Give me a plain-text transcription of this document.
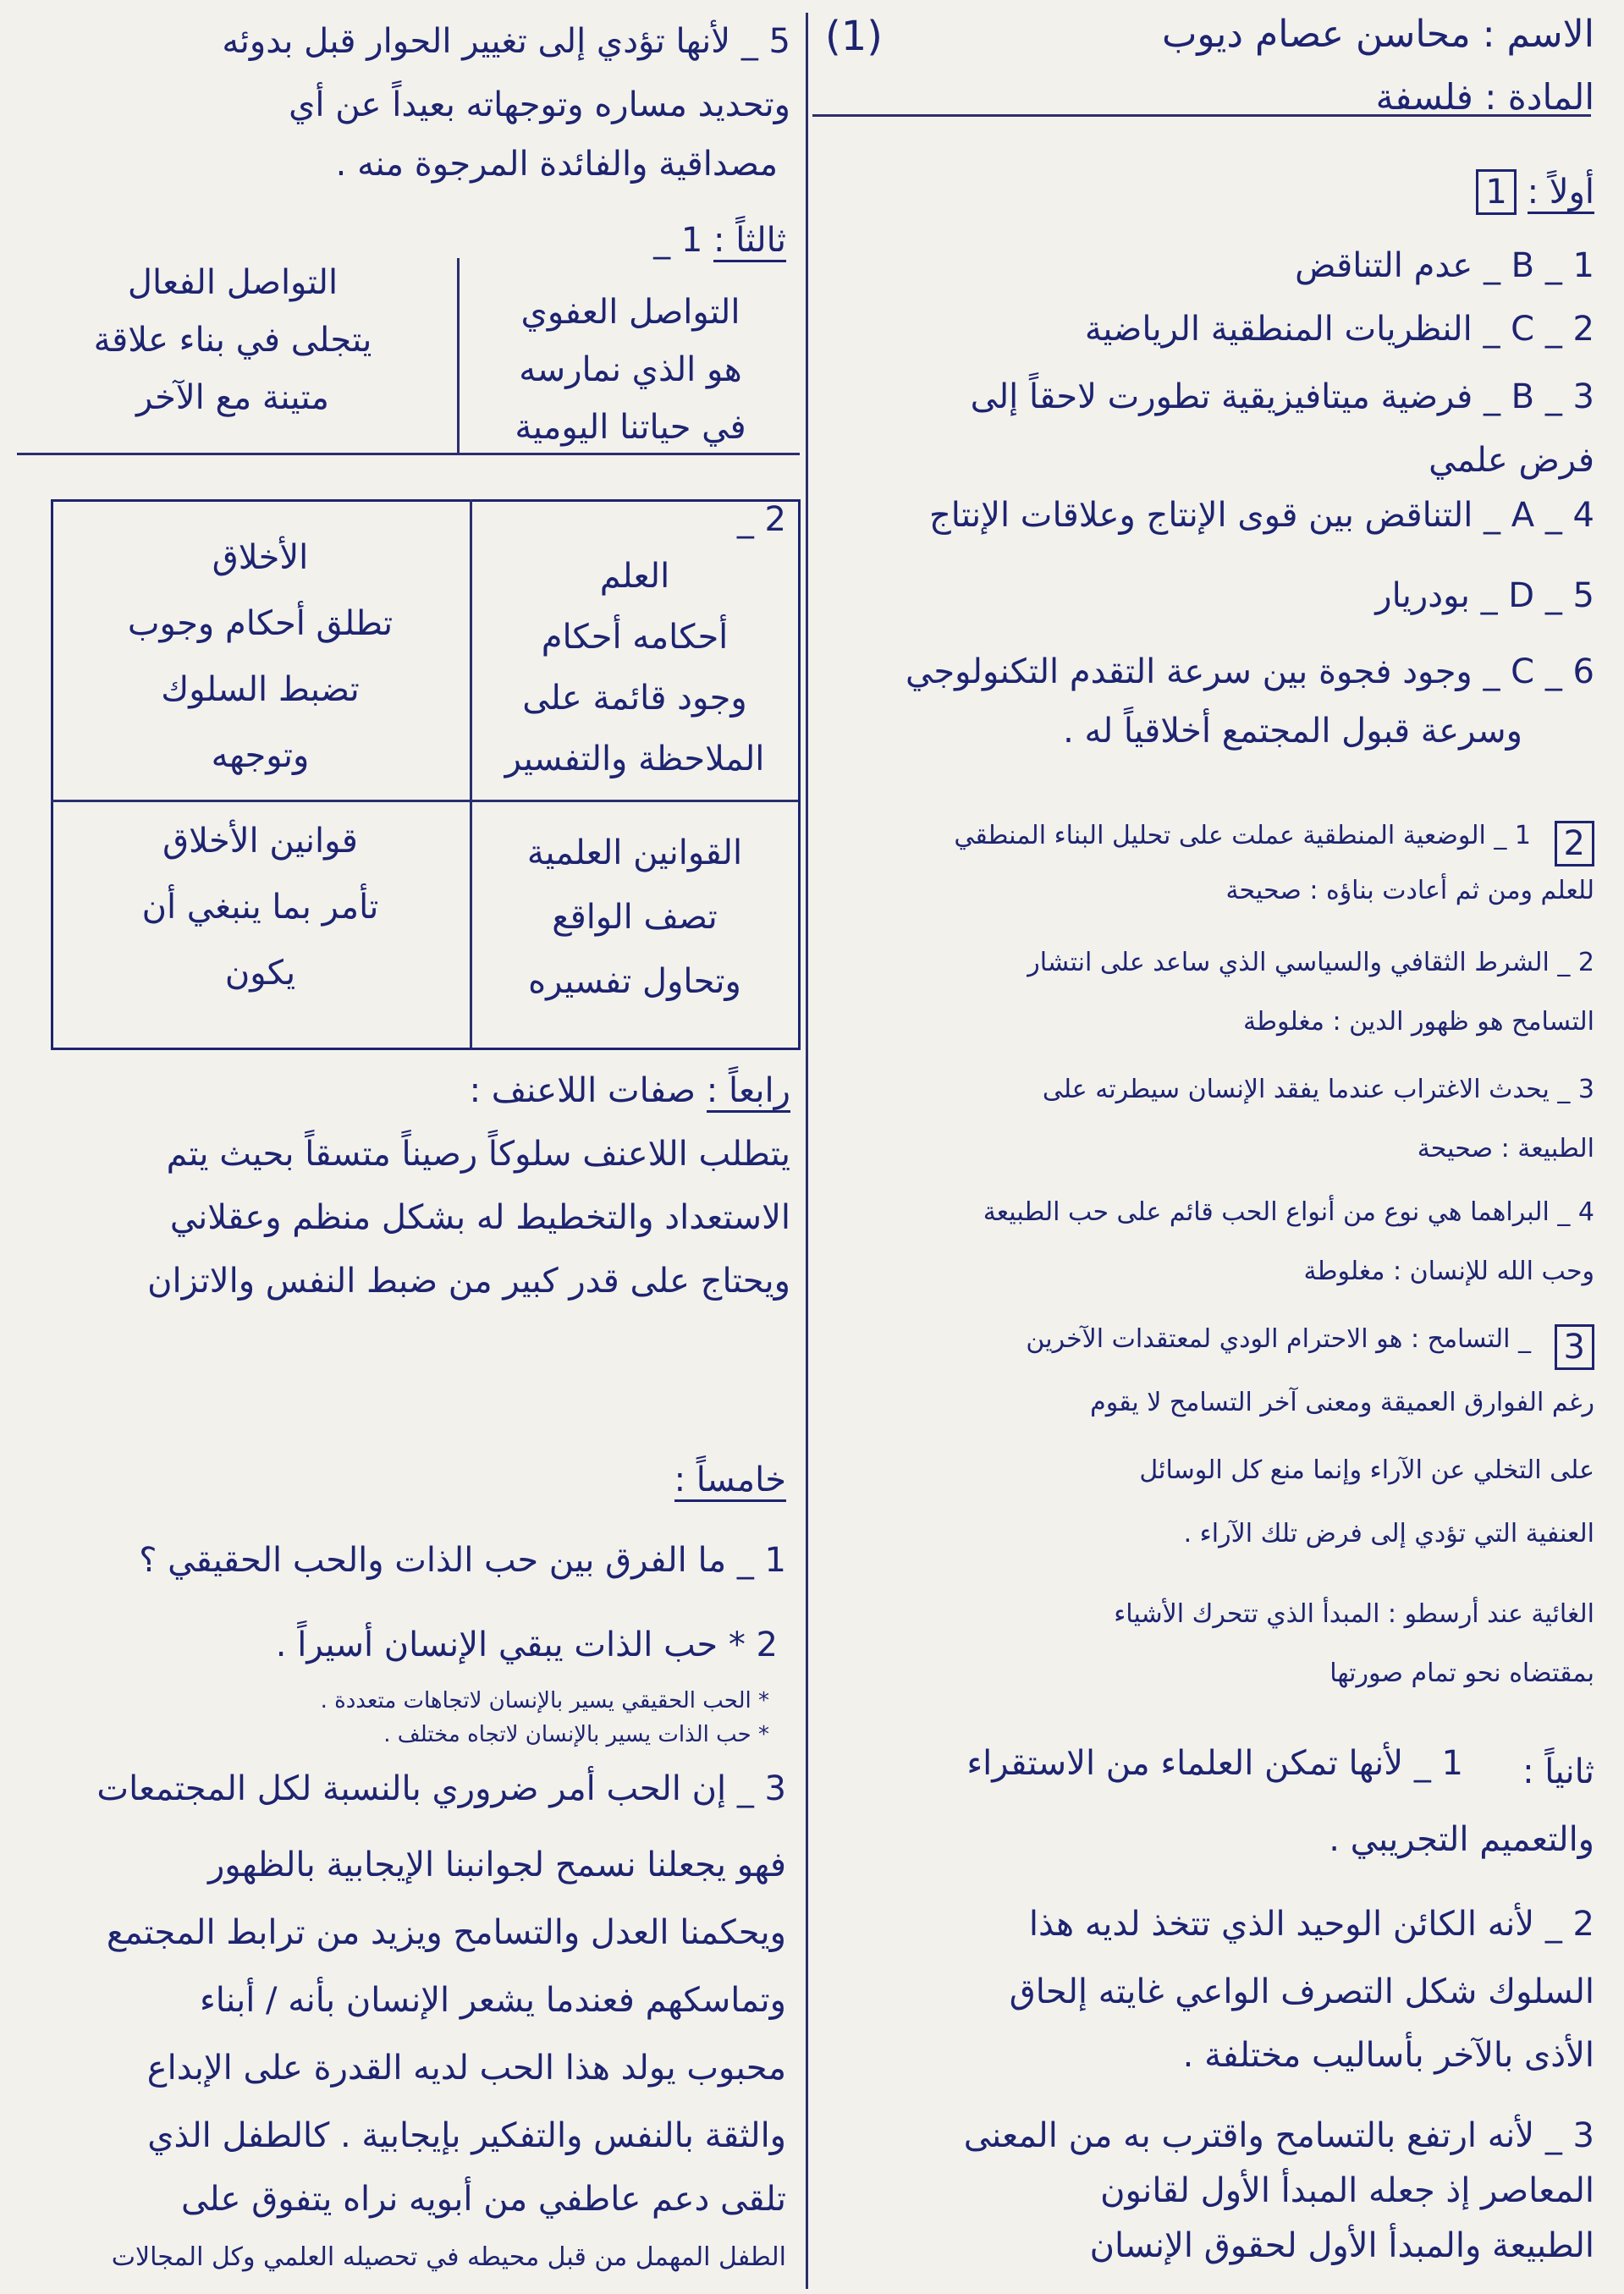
(1)	الاسم : محاسن عصام ديوب
المادة : فلسفة
أولاً : 1
1 _ B _ عدم التناقض
2 _ C _ النظريات المنطقية الرياضية
3 _ B _ فرضية ميتافيزيقية تطورت لاحقاً إلى
فرض علمي
4 _ A _ التناقض بين قوى الإنتاج وعلاقات الإنتاج
5 _ D _ بودريار
6 _ C _ وجود فجوة بين سرعة التقدم التكنولوجي
وسرعة قبول المجتمع أخلاقياً له .
2
1 _ الوضعية المنطقية عملت على تحليل البناء المنطقي
للعلم ومن ثم أعادت بناؤه : صحيحة
2 _ الشرط الثقافي والسياسي الذي ساعد على انتشار
التسامح هو ظهور الدين : مغلوطة
3 _ يحدث الاغتراب عندما يفقد الإنسان سيطرته على
الطبيعة : صحيحة
4 _ البراهما هي نوع من أنواع الحب قائم على حب الطبيعة
وحب الله للإنسان : مغلوطة
3
_ التسامح : هو الاحترام الودي لمعتقدات الآخرين
رغم الفوارق العميقة ومعنى آخر التسامح لا يقوم
على التخلي عن الآراء وإنما منع كل الوسائل
العنفية التي تؤدي إلى فرض تلك الآراء .
الغائية عند أرسطو : المبدأ الذي تتحرك الأشياء
بمقتضاه نحو تمام صورتها
ثانياً :
1 _ لأنها تمكن العلماء من الاستقراء
والتعميم التجريبي .
2 _ لأنه الكائن الوحيد الذي تتخذ لديه هذا
السلوك شكل التصرف الواعي غايته إلحاق
الأذى بالآخر بأساليب مختلفة .
3 _ لأنه ارتفع بالتسامح واقترب به من المعنى
المعاصر إذ جعله المبدأ الأول لقانون
الطبيعة والمبدأ الأول لحقوق الإنسان
5 _ لأنها تؤدي إلى تغيير الحوار قبل بدوئه
وتحديد مساره وتوجهاته بعيداً عن أي
مصداقية والفائدة المرجوة منه .
ثالثاً : 1 _
التواصل العفوي
هو الذي نمارسه
في حياتنا اليومية
التواصل الفعال
يتجلى في بناء علاقة
متينة مع الآخر
2 _
العلم
أحكامه أحكام
وجود قائمة على
الملاحظة والتفسير
الأخلاق
تطلق أحكام وجوب
تضبط السلوك
وتوجهه
القوانين العلمية
تصف الواقع
وتحاول تفسيره
قوانين الأخلاق
تأمر بما ينبغي أن
يكون
رابعاً : صفات اللاعنف :
يتطلب اللاعنف سلوكاً رصيناً متسقاً بحيث يتم
الاستعداد والتخطيط له بشكل منظم وعقلاني
ويحتاج على قدر كبير من ضبط النفس والاتزان
خامساً :
1 _ ما الفرق بين حب الذات والحب الحقيقي ؟
2 * حب الذات يبقي الإنسان أسيراً .
* الحب الحقيقي يسير بالإنسان لاتجاهات متعددة .
* حب الذات يسير بالإنسان لاتجاه مختلف .
3 _ إن الحب أمر ضروري بالنسبة لكل المجتمعات
فهو يجعلنا نسمح لجوانبنا الإيجابية بالظهور
ويحكمنا العدل والتسامح ويزيد من ترابط المجتمع
وتماسكهم فعندما يشعر الإنسان بأنه / أبناء
محبوب يولد هذا الحب لديه القدرة على الإبداع
والثقة بالنفس والتفكير بإيجابية . كالطفل الذي
تلقى دعم عاطفي من أبويه نراه يتفوق على
الطفل المهمل من قبل محيطه في تحصيله العلمي وكل المجالات
